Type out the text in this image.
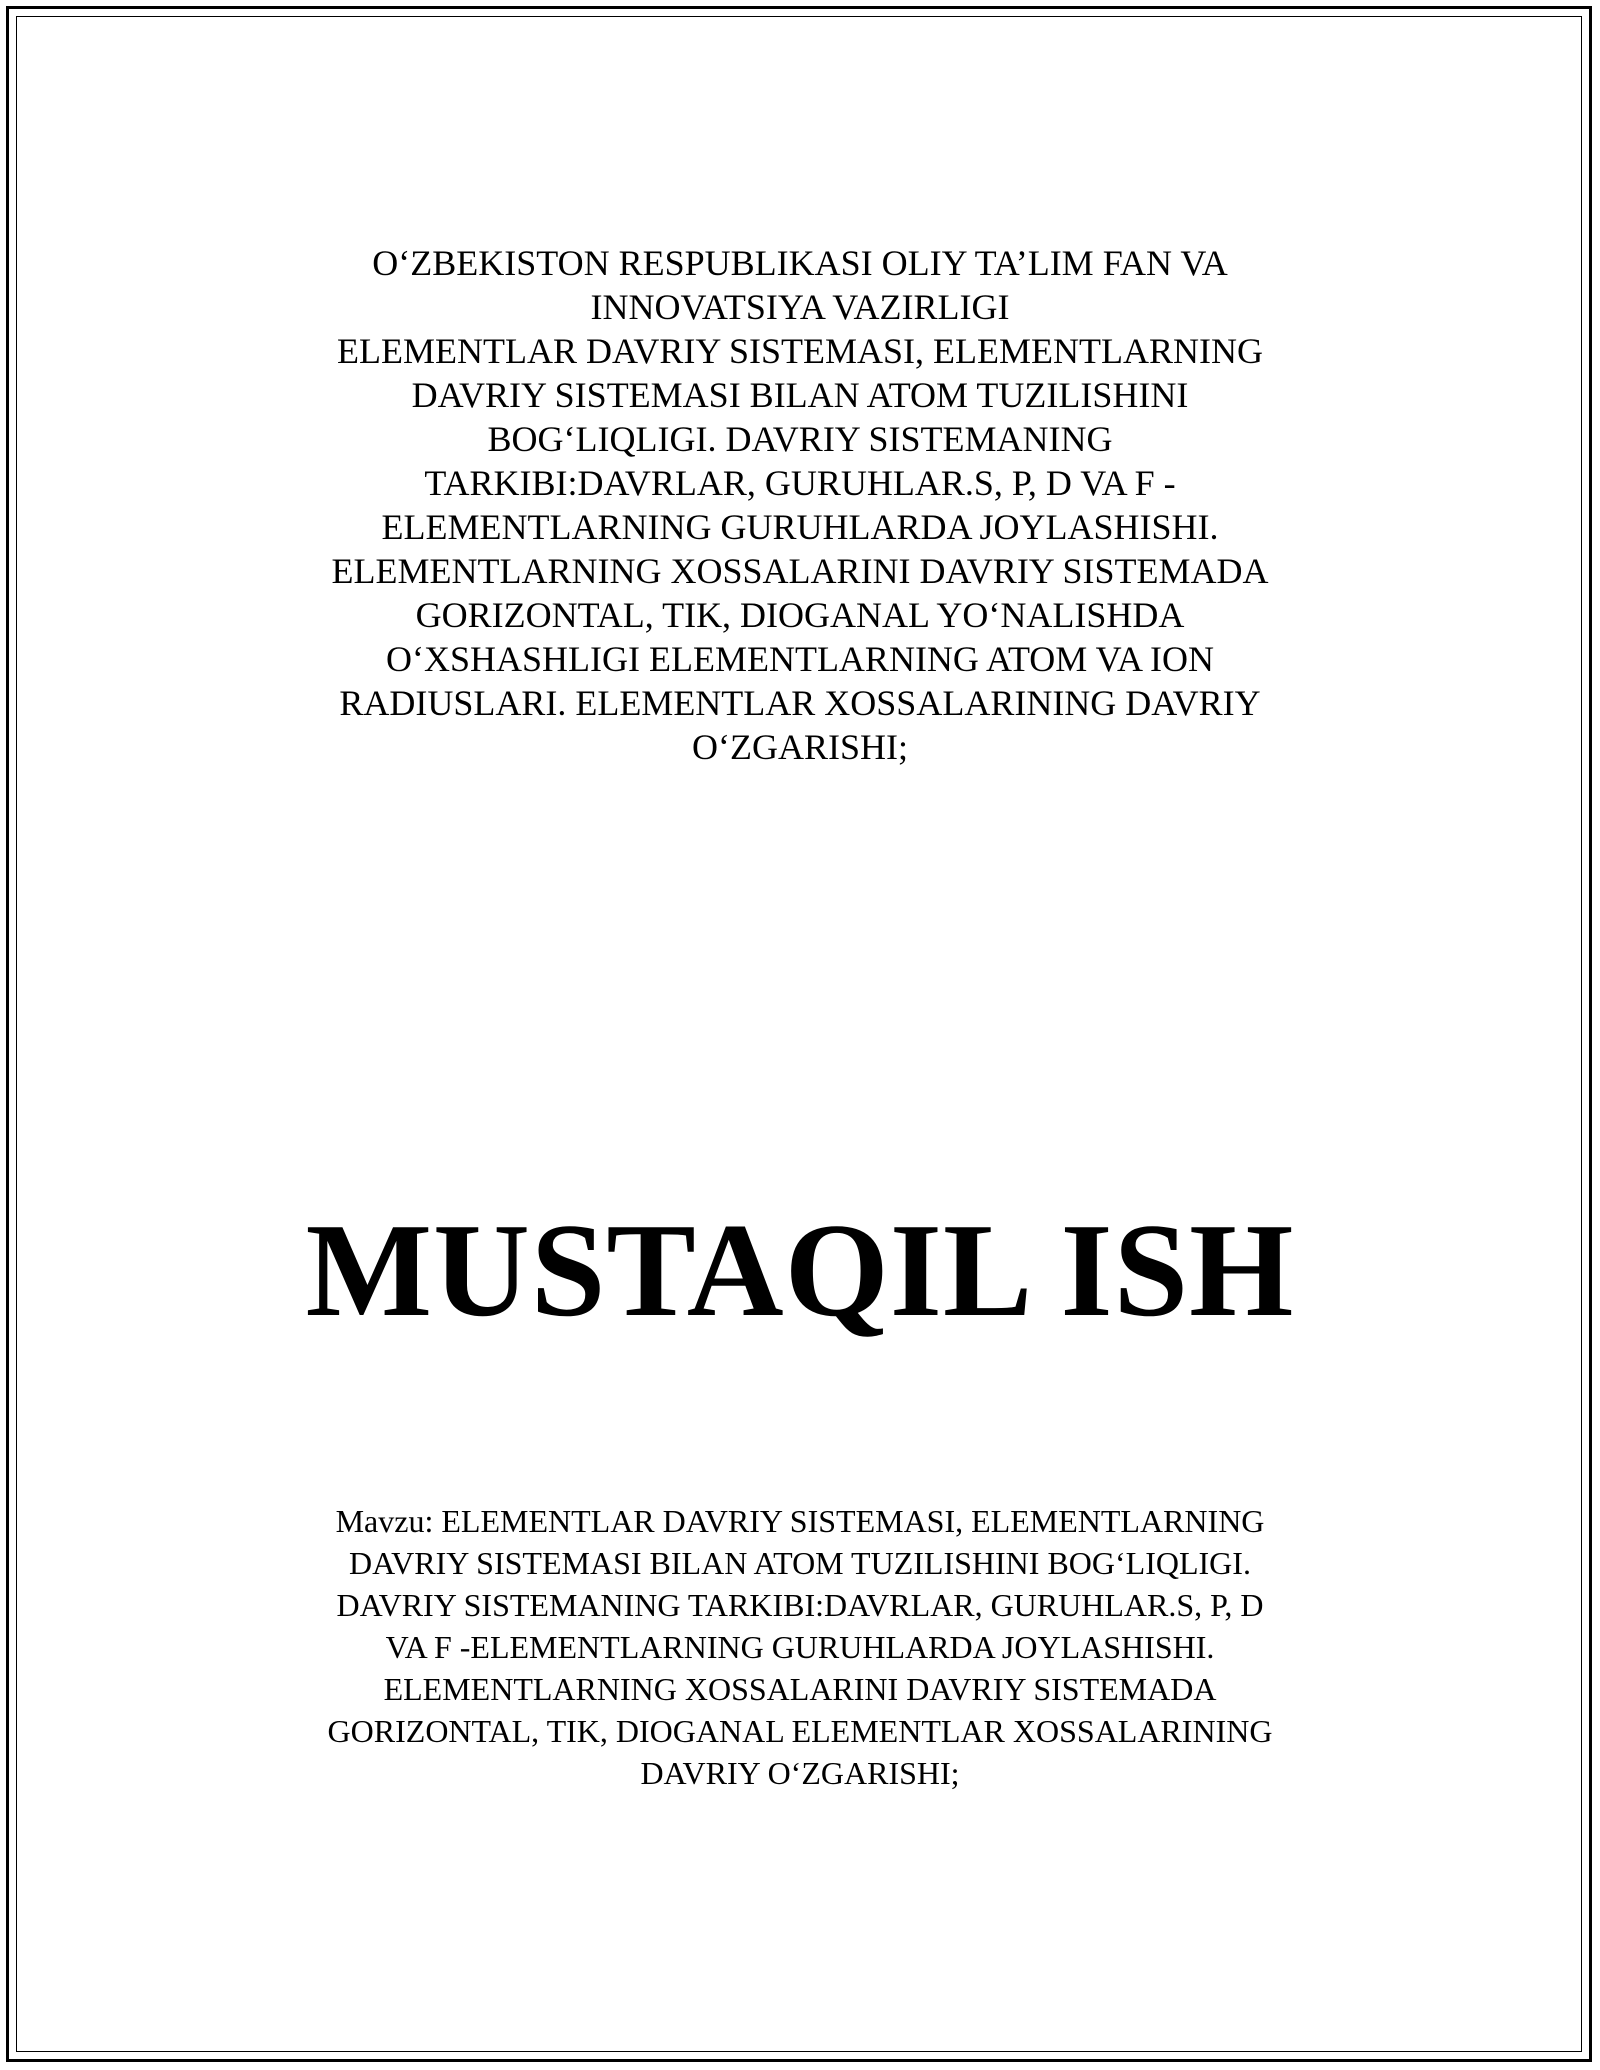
O‘ZBEKISTON RESPUBLIKASI OLIY TA’LIM FAN VA
INNOVATSIYA VAZIRLIGI
ELEMENTLAR DAVRIY SISTEMASI, ELEMENTLARNING
DAVRIY SISTEMASI BILAN ATOM TUZILISHINI
BOG‘LIQLIGI. DAVRIY SISTEMANING
TARKIBI:DAVRLAR, GURUHLAR.S, P, D VA F -
ELEMENTLARNING GURUHLARDA JOYLASHISHI.
ELEMENTLARNING XOSSALARINI DAVRIY SISTEMADA
GORIZONTAL, TIK, DIOGANAL YO‘NALISHDA
O‘XSHASHLIGI ELEMENTLARNING ATOM VA ION
RADIUSLARI. ELEMENTLAR XOSSALARINING DAVRIY
O‘ZGARISHI;
MUSTAQIL ISH
Mavzu: ELEMENTLAR DAVRIY SISTEMASI, ELEMENTLARNING
DAVRIY SISTEMASI BILAN ATOM TUZILISHINI BOG‘LIQLIGI.
DAVRIY SISTEMANING TARKIBI:DAVRLAR, GURUHLAR.S, P, D
VA F -ELEMENTLARNING GURUHLARDA JOYLASHISHI.
ELEMENTLARNING XOSSALARINI DAVRIY SISTEMADA
GORIZONTAL, TIK, DIOGANAL ELEMENTLAR XOSSALARINING
DAVRIY O‘ZGARISHI;
